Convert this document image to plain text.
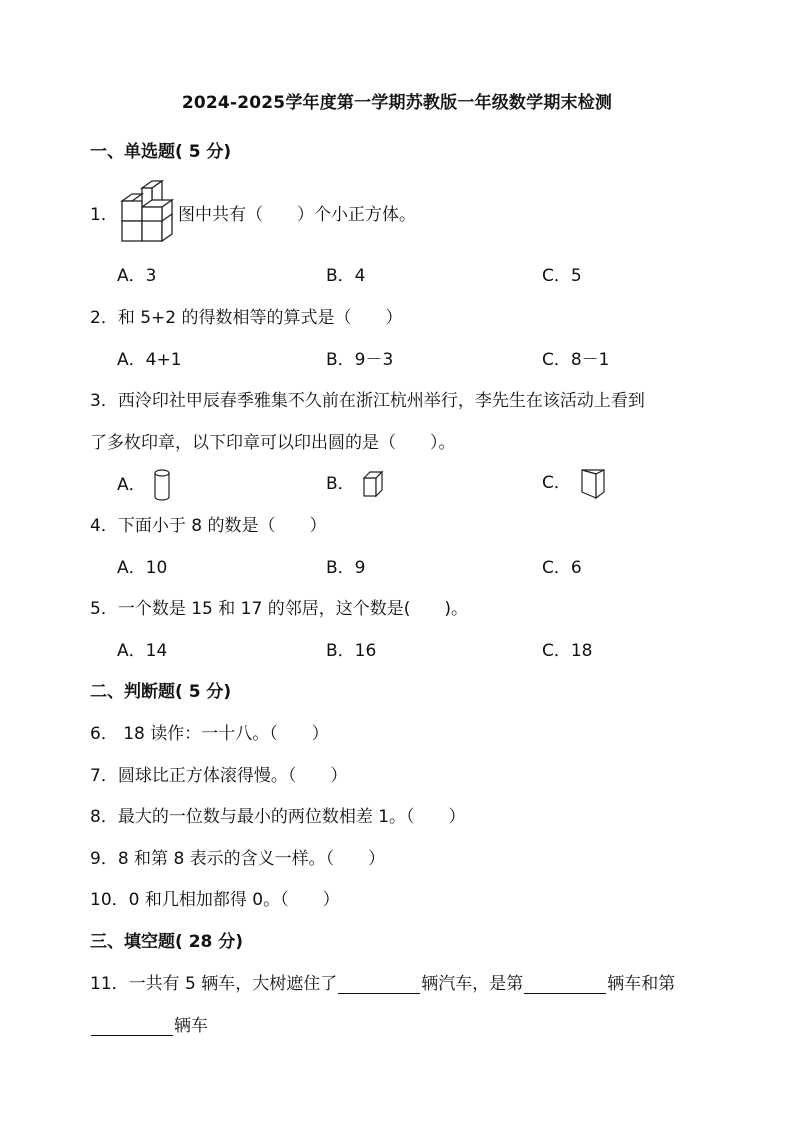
2024-2025学年度第一学期苏教版一年级数学期末检测
一、单选题( 5 分)
1．	图中共有（　　）个小正方体。
A．3	B．4	C．5
2．和 5+2 的得数相等的算式是（　　）
A．4+1	B．9－3	C．8－1
3．西泠印社甲辰春季雅集不久前在浙江杭州举行，李先生在该活动上看到
了多枚印章，以下印章可以印出圆的是（　　）。
A．	B．	C．
4．下面小于 8 的数是（　　）
A．10	B．9	C．6
5．一个数是 15 和 17 的邻居，这个数是(　　)。
A．14	B．16	C．18
二、判断题( 5 分)
6． 18 读作：一十八。（　　）
7．圆球比正方体滚得慢。（　　）
8．最大的一位数与最小的两位数相差 1。（　　）
9．8 和第 8 表示的含义一样。（　　）
10．0 和几相加都得 0。（　　）
三、填空题( 28 分)
11．一共有 5 辆车，大树遮住了	辆汽车，是第	辆车和第
辆车
